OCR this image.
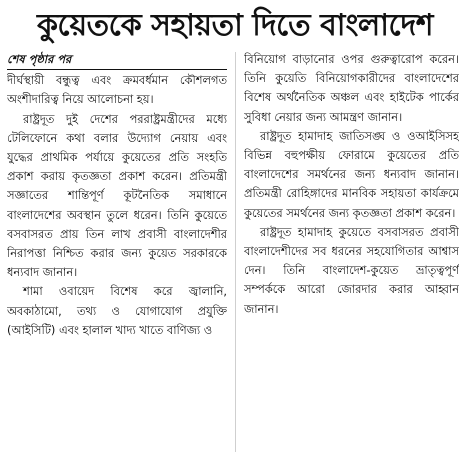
কুয়েতকে সহায়তা দিতে বাংলাদেশ
শেষ পৃষ্ঠার পর

দীর্ঘস্থায়ী বন্ধুত্ব এবং ক্রমবর্ধমান কৌশলগত অংশীদারিত্ব নিয়ে আলোচনা হয়।

রাষ্ট্রদূত দুই দেশের পররাষ্ট্রমন্ত্রীদের মধ্যে টেলিফোনে কথা বলার উদ্যোগ নেয়ায় এবং যুদ্ধের প্রাথমিক পর্যায়ে কুয়েতের প্রতি সংহতি প্রকাশ করায় কৃতজ্ঞতা প্রকাশ করেন। প্রতিমন্ত্রী সজ্ঞাতের শান্তিপূর্ণ কূটনৈতিক সমাধানে বাংলাদেশের অবস্থান তুলে ধরেন। তিনি কুয়েতে বসবাসরত প্রায় তিন লাখ প্রবাসী বাংলাদেশীর নিরাপত্তা নিশ্চিত করার জন্য কুয়েত সরকারকে ধন্যবাদ জানান।

শামা ওবায়েদ বিশেষ করে জ্বালানি, অবকাঠামো, তথ্য ও যোগাযোগ প্রযুক্তি (আইসিটি) এবং হালাল খাদ্য খাতে বাণিজ্য ও

বিনিয়োগ বাড়ানোর ওপর গুরুত্বারোপ করেন। তিনি কুয়েতি বিনিয়োগকারীদের বাংলাদেশের বিশেষ অর্থনৈতিক অঞ্চল এবং হাইটেক পার্কের সুবিধা নেয়ার জন্য আমন্ত্রণ জানান।

রাষ্ট্রদূত হামাদাহ জাতিসঙ্ঘ ও ওআইসিসহ বিভিন্ন বহুপক্ষীয় ফোরামে কুয়েতের প্রতি বাংলাদেশের সমর্থনের জন্য ধন্যবাদ জানান। প্রতিমন্ত্রী রোহিঙ্গাদের মানবিক সহায়তা কার্যক্রমে কুয়েতের সমর্থনের জন্য কৃতজ্ঞতা প্রকাশ করেন।

রাষ্ট্রদূত হামাদাহ কুয়েতে বসবাসরত প্রবাসী বাংলাদেশীদের সব ধরনের সহযোগিতার আশ্বাস দেন। তিনি বাংলাদেশ-কুয়েত ভ্রাতৃত্বপূর্ণ সম্পর্ককে আরো জোরদার করার আহ্বান জানান।
